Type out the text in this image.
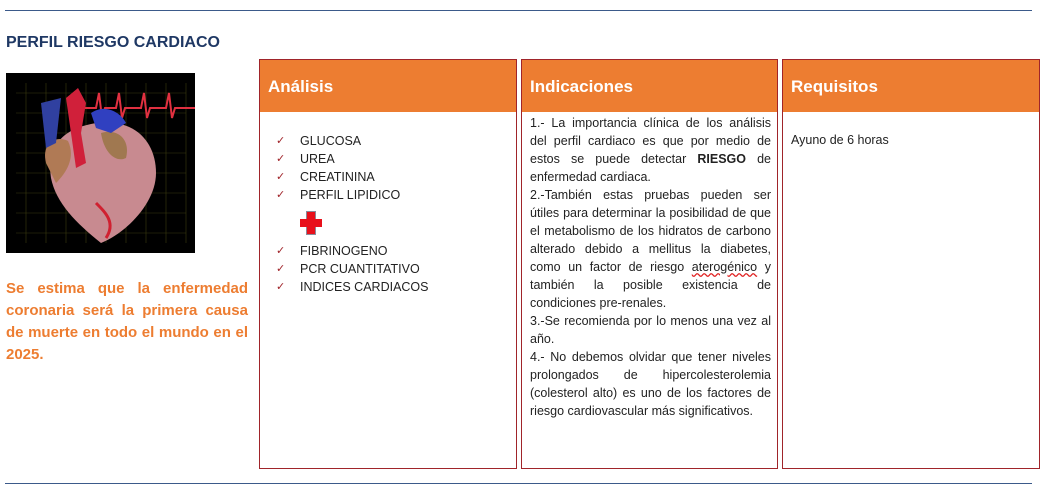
PERFIL RIESGO CARDIACO
Se estima que la enfermedad coronaria será la primera causa de muerte en todo el mundo en el 2025.
Análisis
✓ GLUCOSA
✓ UREA
✓ CREATININA
✓ PERFIL LIPIDICO
✓ FIBRINOGENO
✓ PCR CUANTITATIVO
✓ INDICES CARDIACOS
Indicaciones

1.- La importancia clínica de los análisis del perfil cardiaco es que por medio de estos se puede detectar RIESGO de enfermedad cardiaca.

2.-También estas pruebas pueden ser útiles para determinar la posibilidad de que el metabolismo de los hidratos de carbono alterado debido a mellitus la diabetes, como un factor de riesgo aterogénico y también la posible existencia de condiciones pre-renales.

3.-Se recomienda por lo menos una vez al año.

4.- No debemos olvidar que tener niveles prolongados de hipercolesterolemia (colesterol alto) es uno de los factores de riesgo cardiovascular más significativos.

Requisitos
Ayuno de 6 horas
